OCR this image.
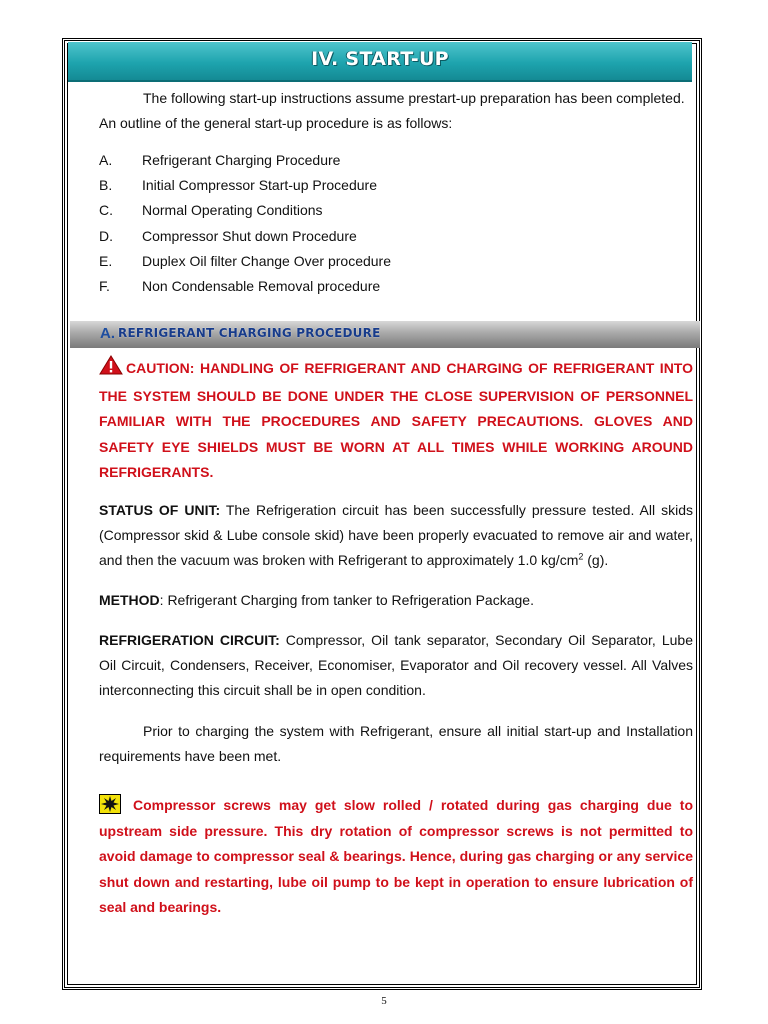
IV. START-UP
The following start-up instructions assume prestart-up preparation has been completed.
An outline of the general start-up procedure is as follows:
A. Refrigerant Charging Procedure
B. Initial Compressor Start-up Procedure
C. Normal Operating Conditions
D. Compressor Shut down Procedure
E. Duplex Oil filter Change Over procedure
F. Non Condensable Removal procedure
A. REFRIGERANT CHARGING PROCEDURE
CAUTION: HANDLING OF REFRIGERANT AND CHARGING OF REFRIGERANT INTO THE SYSTEM SHOULD BE DONE UNDER THE CLOSE SUPERVISION OF PERSONNEL FAMILIAR WITH THE PROCEDURES AND SAFETY PRECAUTIONS. GLOVES AND SAFETY EYE SHIELDS MUST BE WORN AT ALL TIMES WHILE WORKING AROUND REFRIGERANTS.
STATUS OF UNIT: The Refrigeration circuit has been successfully pressure tested. All skids (Compressor skid & Lube console skid) have been properly evacuated to remove air and water, and then the vacuum was broken with Refrigerant to approximately 1.0 $kg/cm^2$ (g).
METHOD: Refrigerant Charging from tanker to Refrigeration Package.
REFRIGERATION CIRCUIT: Compressor, Oil tank separator, Secondary Oil Separator, Lube Oil Circuit, Condensers, Receiver, Economiser, Evaporator and Oil recovery vessel. All Valves interconnecting this circuit shall be in open condition.
Prior to charging the system with Refrigerant, ensure all initial start-up and Installation requirements have been met.
Compressor screws may get slow rolled / rotated during gas charging due to upstream side pressure. This dry rotation of compressor screws is not permitted to avoid damage to compressor seal & bearings. Hence, during gas charging or any service shut down and restarting, lube oil pump to be kept in operation to ensure lubrication of seal and bearings.
5
